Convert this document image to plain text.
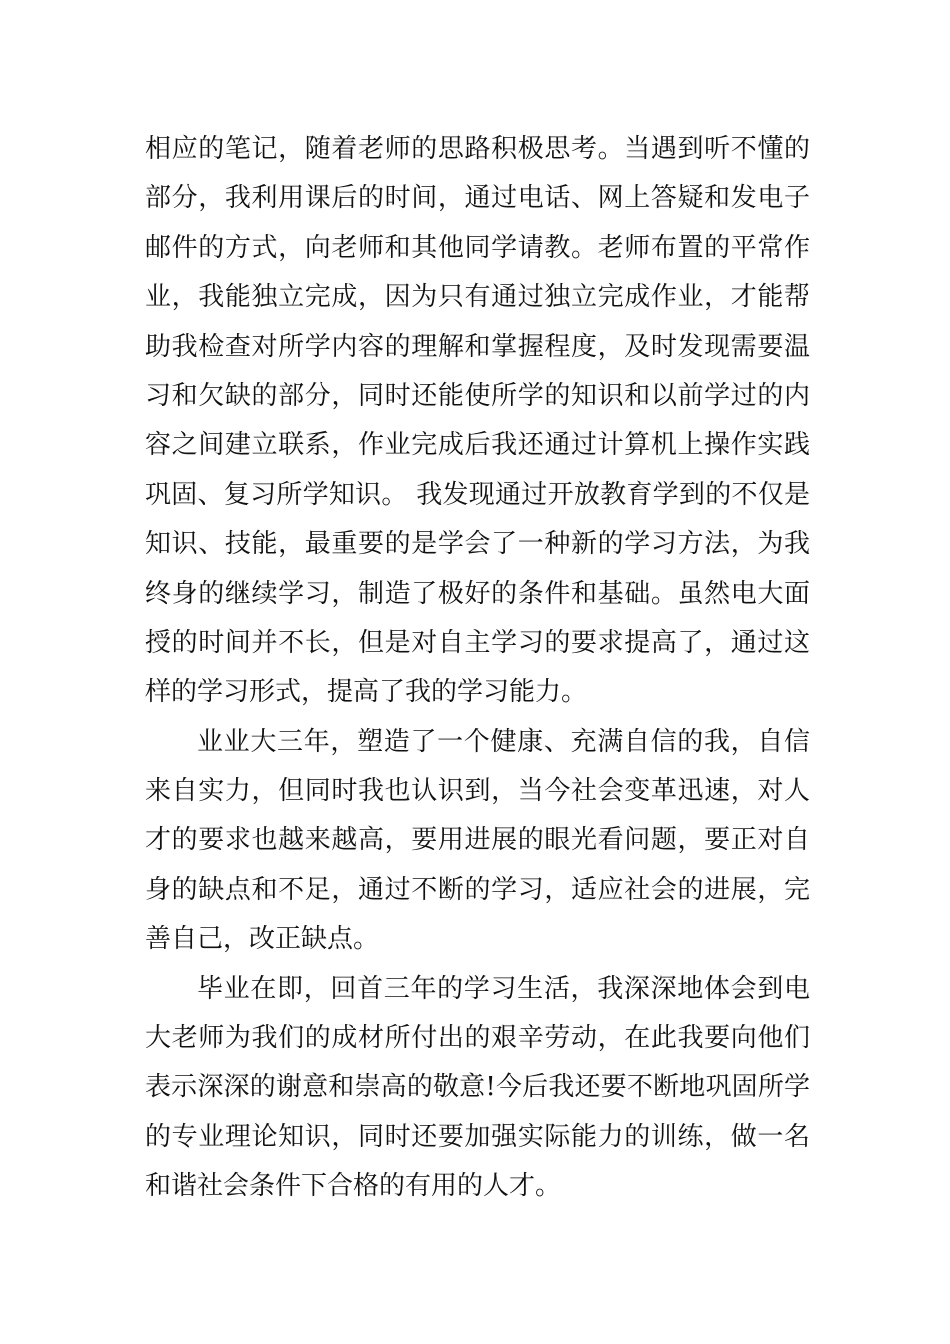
相应的笔记，随着老师的思路积极思考。当遇到听不懂的
部分，我利用课后的时间，通过电话、网上答疑和发电子
邮件的方式，向老师和其他同学请教。老师布置的平常作
业，我能独立完成，因为只有通过独立完成作业，才能帮
助我检查对所学内容的理解和掌握程度，及时发现需要温
习和欠缺的部分，同时还能使所学的知识和以前学过的内
容之间建立联系，作业完成后我还通过计算机上操作实践
巩固、复习所学知识。 我发现通过开放教育学到的不仅是
知识、技能，最重要的是学会了一种新的学习方法，为我
终身的继续学习，制造了极好的条件和基础。虽然电大面
授的时间并不长，但是对自主学习的要求提高了，通过这
样的学习形式，提高了我的学习能力。
业业大三年，塑造了一个健康、充满自信的我，自信
来自实力，但同时我也认识到，当今社会变革迅速，对人
才的要求也越来越高，要用进展的眼光看问题，要正对自
身的缺点和不足，通过不断的学习，适应社会的进展，完
善自己，改正缺点。
毕业在即，回首三年的学习生活，我深深地体会到电
大老师为我们的成材所付出的艰辛劳动，在此我要向他们
表示深深的谢意和崇高的敬意!今后我还要不断地巩固所学
的专业理论知识，同时还要加强实际能力的训练，做一名
和谐社会条件下合格的有用的人才。
